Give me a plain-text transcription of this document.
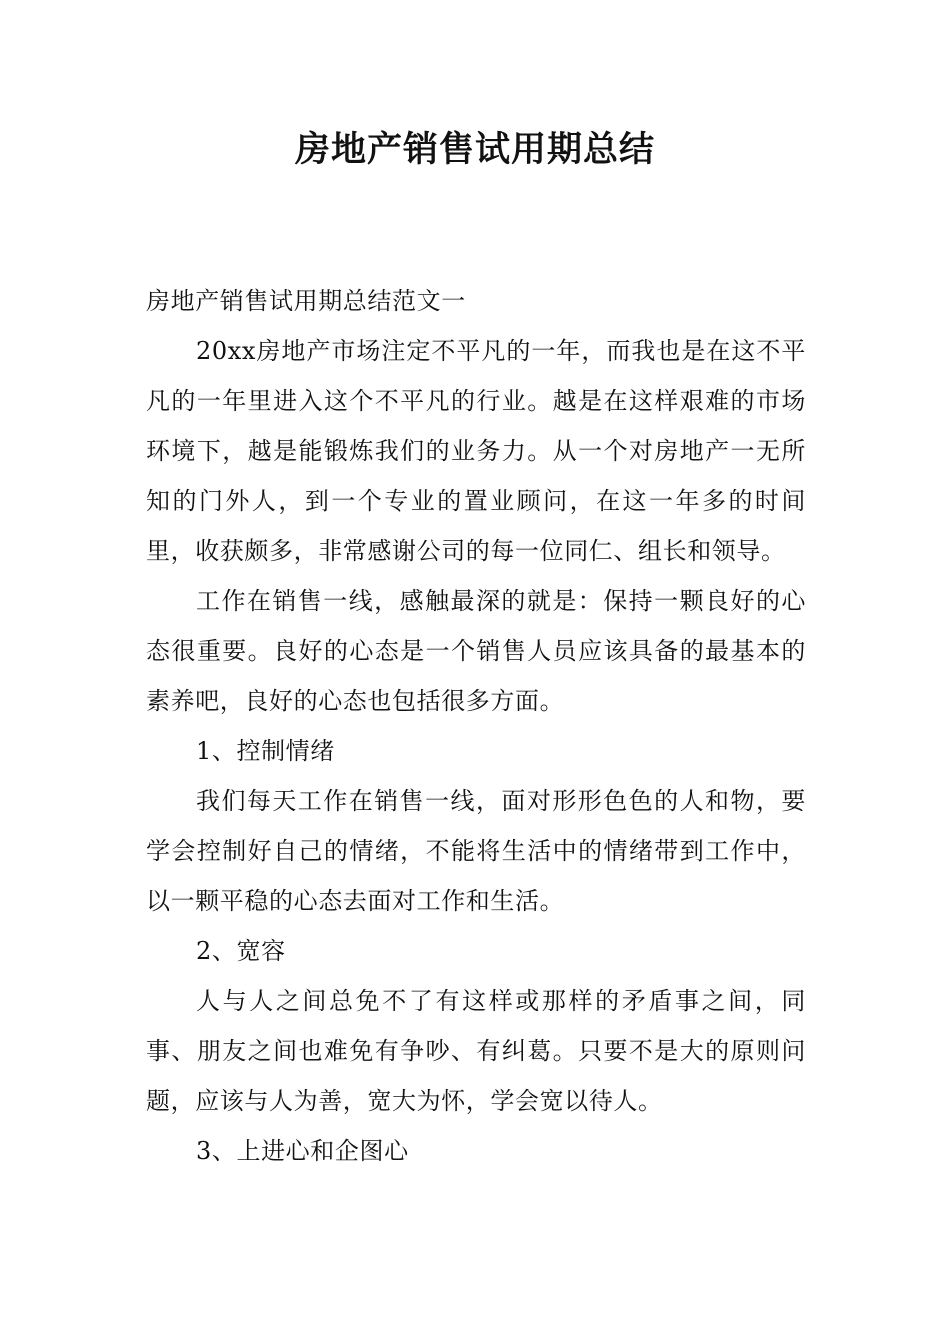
房地产销售试用期总结

房地产销售试用期总结范文一

20xx房地产市场注定不平凡的一年，而我也是在这不平凡的一年里进入这个不平凡的行业。越是在这样艰难的市场环境下，越是能锻炼我们的业务力。从一个对房地产一无所知的门外人，到一个专业的置业顾问，在这一年多的时间里，收获颇多，非常感谢公司的每一位同仁、组长和领导。

工作在销售一线，感触最深的就是：保持一颗良好的心态很重要。良好的心态是一个销售人员应该具备的最基本的素养吧，良好的心态也包括很多方面。

1、控制情绪

我们每天工作在销售一线，面对形形色色的人和物，要学会控制好自己的情绪，不能将生活中的情绪带到工作中，以一颗平稳的心态去面对工作和生活。

2、宽容

人与人之间总免不了有这样或那样的矛盾事之间，同事、朋友之间也难免有争吵、有纠葛。只要不是大的原则问题，应该与人为善，宽大为怀，学会宽以待人。

3、上进心和企图心
